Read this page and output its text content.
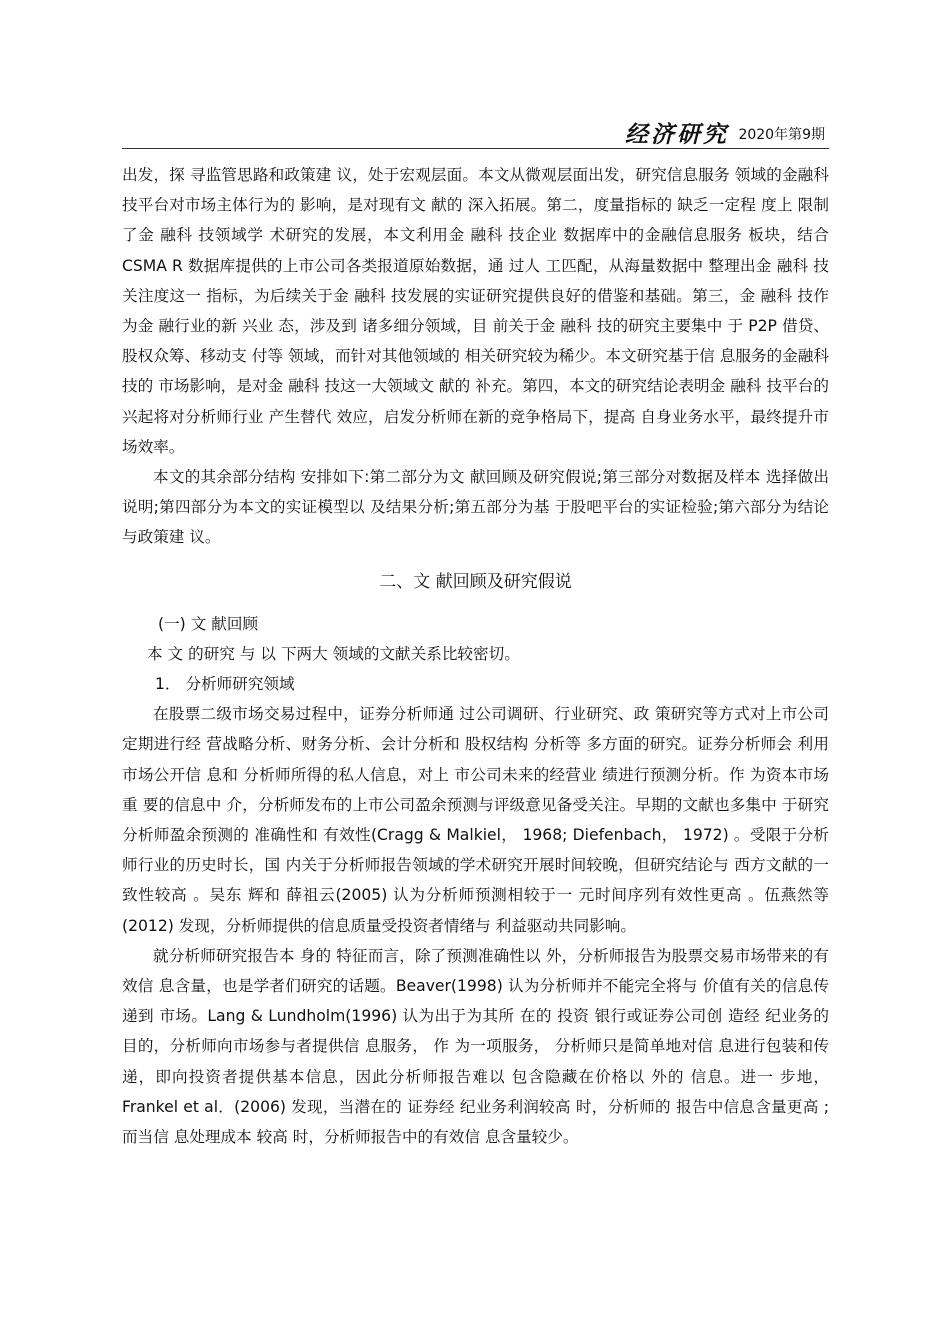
经济研究 2020年第9期

出发，探 寻监管思路和政策建 议，处于宏观层面。本文从微观层面出发，研究信息服务 领域的金融科 技平台对市场主体行为的 影响，是对现有文 献的 深入拓展。第二，度量指标的 缺乏一定程 度上 限制了金 融科 技领域学 术研究的发展，本文利用金 融科 技企业 数据库中的金融信息服务 板块，结合 CSMA R 数据库提供的上市公司各类报道原始数据，通 过人 工匹配，从海量数据中 整理出金 融科 技关注度这一 指标，为后续关于金 融科 技发展的实证研究提供良好的借鉴和基础。第三，金 融科 技作 为金 融行业的新 兴业 态，涉及到 诸多细分领域，目 前关于金 融科 技的研究主要集中 于 P2P 借贷、股权众筹、移动支 付等 领域，而针对其他领域的 相关研究较为稀少。本文研究基于信 息服务的金融科 技的 市场影响，是对金 融科 技这一大领域文 献的 补充。第四，本文的研究结论表明金 融科 技平台的 兴起将对分析师行业 产生替代 效应，启发分析师在新的竞争格局下，提高 自身业务水平，最终提升市场效率。

本文的其余部分结构 安排如下:第二部分为文 献回顾及研究假说;第三部分对数据及样本 选择做出说明;第四部分为本文的实证模型以 及结果分析;第五部分为基 于股吧平台的实证检验;第六部分为结论与政策建 议。

二、文 献回顾及研究假说
(一) 文 献回顾
本 文 的研究 与 以 下两大 领域的文献关系比较密切。
1． 分析师研究领域

在股票二级市场交易过程中，证券分析师通 过公司调研、行业研究、政 策研究等方式对上市公司定期进行经 营战略分析、财务分析、会计分析和 股权结构 分析等 多方面的研究。证券分析师会 利用市场公开信 息和 分析师所得的私人信息，对上 市公司未来的经营业 绩进行预测分析。作 为资本市场重 要的信息中 介，分析师发布的上市公司盈余预测与评级意见备受关注。早期的文献也多集中 于研究分析师盈余预测的 准确性和 有效性(Cragg & Malkiel， 1968; Diefenbach， 1972) 。受限于分析师行业的历史时长，国 内关于分析师报告领域的学术研究开展时间较晚，但研究结论与 西方文献的一致性较高 。吴东 辉和 薛祖云(2005) 认为分析师预测相较于一 元时间序列有效性更高 。伍燕然等 (2012) 发现，分析师提供的信息质量受投资者情绪与 利益驱动共同影响。

就分析师研究报告本 身的 特征而言，除了预测准确性以 外，分析师报告为股票交易市场带来的有效信 息含量，也是学者们研究的话题。Beaver(1998) 认为分析师并不能完全将与 价值有关的信息传递到 市场。Lang & Lundholm(1996) 认为出于为其所 在的 投资 银行或证券公司创 造经 纪业务的目的，分析师向市场参与者提供信 息服务， 作 为一项服务， 分析师只是简单地对信 息进行包装和传递，即向投资者提供基本信息，因此分析师报告难以 包含隐藏在价格以 外的 信息。进一 步地， Frankel et al．(2006) 发现，当潜在的 证券经 纪业务利润较高 时，分析师的 报告中信息含量更高 ;而当信 息处理成本 较高 时，分析师报告中的有效信 息含量较少。
